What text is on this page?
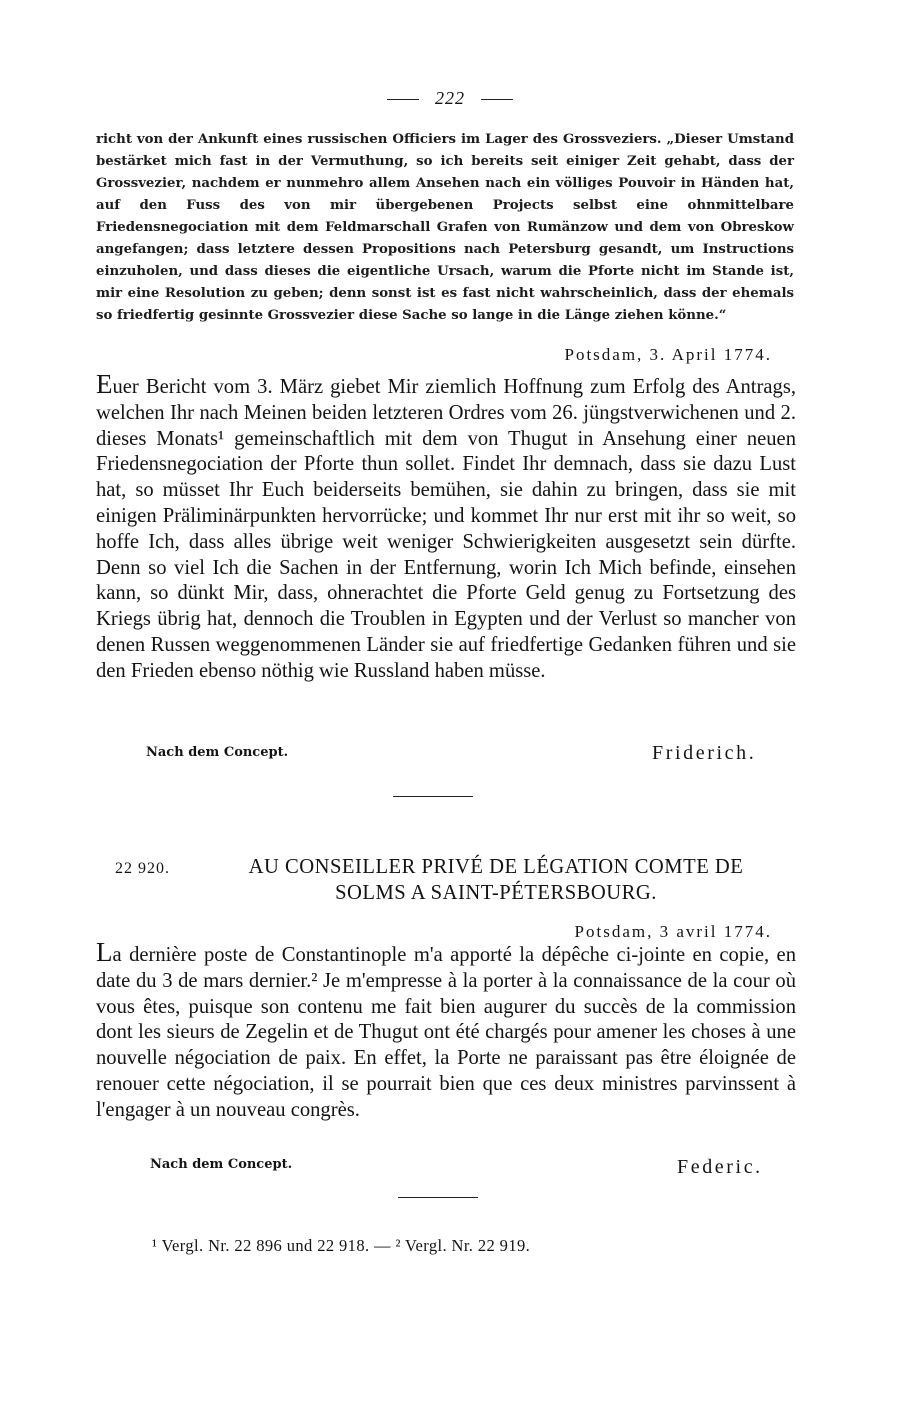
222
richt von der Ankunft eines russischen Officiers im Lager des Grossveziers. „Dieser Umstand bestärket mich fast in der Vermuthung, so ich bereits seit einiger Zeit gehabt, dass der Grossvezier, nachdem er nunmehro allem Ansehen nach ein völliges Pouvoir in Händen hat, auf den Fuss des von mir übergebenen Projects selbst eine ohnmittelbare Friedensnegociation mit dem Feldmarschall Grafen von Rumänzow und dem von Obreskow angefangen; dass letztere dessen Propositions nach Petersburg gesandt, um Instructions einzuholen, und dass dieses die eigentliche Ursach, warum die Pforte nicht im Stande ist, mir eine Resolution zu geben; denn sonst ist es fast nicht wahrscheinlich, dass der ehemals so friedfertig gesinnte Grossvezier diese Sache so lange in die Länge ziehen könne.“
Potsdam, 3. April 1774.
Euer Bericht vom 3. März giebet Mir ziemlich Hoffnung zum Erfolg des Antrags, welchen Ihr nach Meinen beiden letzteren Ordres vom 26. jüngstverwichenen und 2. dieses Monats¹ gemeinschaftlich mit dem von Thugut in Ansehung einer neuen Friedensnegociation der Pforte thun sollet. Findet Ihr demnach, dass sie dazu Lust hat, so müsset Ihr Euch beiderseits bemühen, sie dahin zu bringen, dass sie mit einigen Präliminärpunkten hervorrücke; und kommet Ihr nur erst mit ihr so weit, so hoffe Ich, dass alles übrige weit weniger Schwierigkeiten ausgesetzt sein dürfte. Denn so viel Ich die Sachen in der Entfernung, worin Ich Mich befinde, einsehen kann, so dünkt Mir, dass, ohnerachtet die Pforte Geld genug zu Fortsetzung des Kriegs übrig hat, dennoch die Troublen in Egypten und der Verlust so mancher von denen Russen weggenommenen Länder sie auf friedfertige Gedanken führen und sie den Frieden ebenso nöthig wie Russland haben müsse.
Nach dem Concept.	Friderich.
22 920.	AU CONSEILLER PRIVÉ DE LÉGATION COMTE DE
SOLMS A SAINT-PÉTERSBOURG.
Potsdam, 3 avril 1774.
La dernière poste de Constantinople m'a apporté la dépêche ci-jointe en copie, en date du 3 de mars dernier.² Je m'empresse à la porter à la connaissance de la cour où vous êtes, puisque son contenu me fait bien augurer du succès de la commission dont les sieurs de Zegelin et de Thugut ont été chargés pour amener les choses à une nouvelle négociation de paix. En effet, la Porte ne paraissant pas être éloignée de renouer cette négociation, il se pourrait bien que ces deux ministres parvinssent à l'engager à un nouveau congrès.
Nach dem Concept.	Federic.
¹ Vergl. Nr. 22 896 und 22 918. — ² Vergl. Nr. 22 919.
